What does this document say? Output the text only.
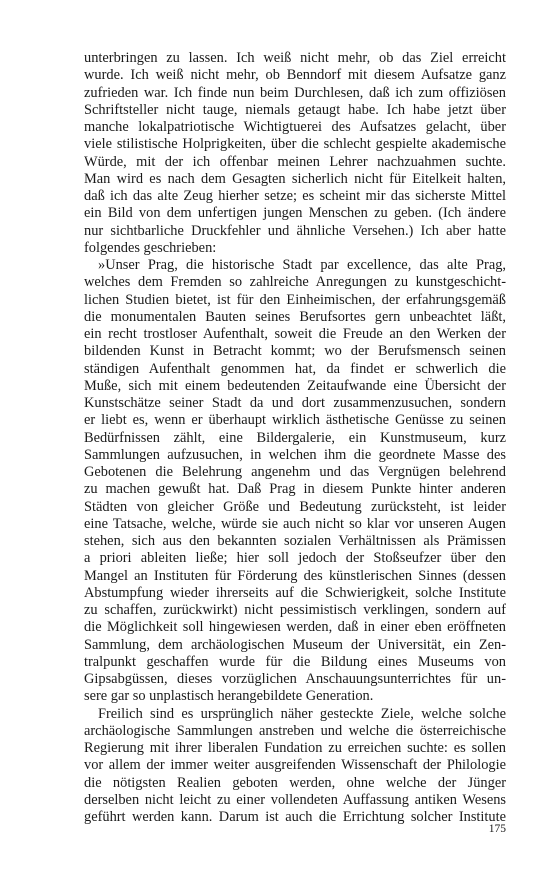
unterbringen zu lassen. Ich weiß nicht mehr, ob das Ziel erreicht
wurde. Ich weiß nicht mehr, ob Benndorf mit diesem Aufsatze ganz
zufrieden war. Ich finde nun beim Durchlesen, daß ich zum offiziösen
Schriftsteller nicht tauge, niemals getaugt habe. Ich habe jetzt über
manche lokalpatriotische Wichtigtuerei des Aufsatzes gelacht, über
viele stilistische Holprigkeiten, über die schlecht gespielte akademische
Würde, mit der ich offenbar meinen Lehrer nachzuahmen suchte.
Man wird es nach dem Gesagten sicherlich nicht für Eitelkeit halten,
daß ich das alte Zeug hierher setze; es scheint mir das sicherste Mittel
ein Bild von dem unfertigen jungen Menschen zu geben. (Ich ändere
nur sichtbarliche Druckfehler und ähnliche Versehen.) Ich aber hatte
folgendes geschrieben:
»Unser Prag, die historische Stadt par excellence, das alte Prag,
welches dem Fremden so zahlreiche Anregungen zu kunstgeschicht-
lichen Studien bietet, ist für den Einheimischen, der erfahrungsgemäß
die monumentalen Bauten seines Berufsortes gern unbeachtet läßt,
ein recht trostloser Aufenthalt, soweit die Freude an den Werken der
bildenden Kunst in Betracht kommt; wo der Berufsmensch seinen
ständigen Aufenthalt genommen hat, da findet er schwerlich die
Muße, sich mit einem bedeutenden Zeitaufwande eine Übersicht der
Kunstschätze seiner Stadt da und dort zusammenzusuchen, sondern
er liebt es, wenn er überhaupt wirklich ästhetische Genüsse zu seinen
Bedürfnissen zählt, eine Bildergalerie, ein Kunstmuseum, kurz
Sammlungen aufzusuchen, in welchen ihm die geordnete Masse des
Gebotenen die Belehrung angenehm und das Vergnügen belehrend
zu machen gewußt hat. Daß Prag in diesem Punkte hinter anderen
Städten von gleicher Größe und Bedeutung zurücksteht, ist leider
eine Tatsache, welche, würde sie auch nicht so klar vor unseren Augen
stehen, sich aus den bekannten sozialen Verhältnissen als Prämissen
a priori ableiten ließe; hier soll jedoch der Stoßseufzer über den
Mangel an Instituten für Förderung des künstlerischen Sinnes (dessen
Abstumpfung wieder ihrerseits auf die Schwierigkeit, solche Institute
zu schaffen, zurückwirkt) nicht pessimistisch verklingen, sondern auf
die Möglichkeit soll hingewiesen werden, daß in einer eben eröffneten
Sammlung, dem archäologischen Museum der Universität, ein Zen-
tralpunkt geschaffen wurde für die Bildung eines Museums von
Gipsabgüssen, dieses vorzüglichen Anschauungsunterrichtes für un-
sere gar so unplastisch herangebildete Generation.
Freilich sind es ursprünglich näher gesteckte Ziele, welche solche
archäologische Sammlungen anstreben und welche die österreichische
Regierung mit ihrer liberalen Fundation zu erreichen suchte: es sollen
vor allem der immer weiter ausgreifenden Wissenschaft der Philologie
die nötigsten Realien geboten werden, ohne welche der Jünger
derselben nicht leicht zu einer vollendeten Auffassung antiken Wesens
geführt werden kann. Darum ist auch die Errichtung solcher Institute
175
